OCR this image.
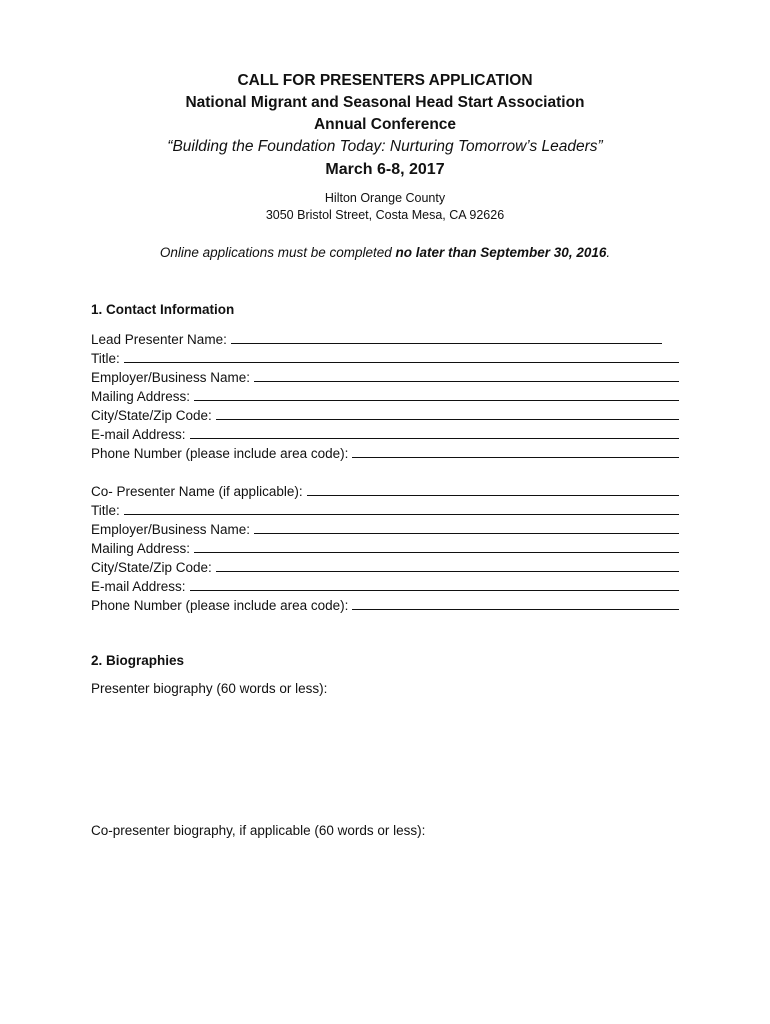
CALL FOR PRESENTERS APPLICATION
National Migrant and Seasonal Head Start Association
Annual Conference
“Building the Foundation Today: Nurturing Tomorrow’s Leaders”
March 6-8, 2017
Hilton Orange County
3050 Bristol Street, Costa Mesa, CA 92626
Online applications must be completed no later than September 30, 2016.
1. Contact Information
Lead Presenter Name:
Title:
Employer/Business Name:
Mailing Address:
City/State/Zip Code:
E-mail Address:
Phone Number (please include area code):
Co- Presenter Name (if applicable):
Title:
Employer/Business Name:
Mailing Address:
City/State/Zip Code:
E-mail Address:
Phone Number (please include area code):
2. Biographies
Presenter biography (60 words or less):
Co-presenter biography, if applicable (60 words or less):
